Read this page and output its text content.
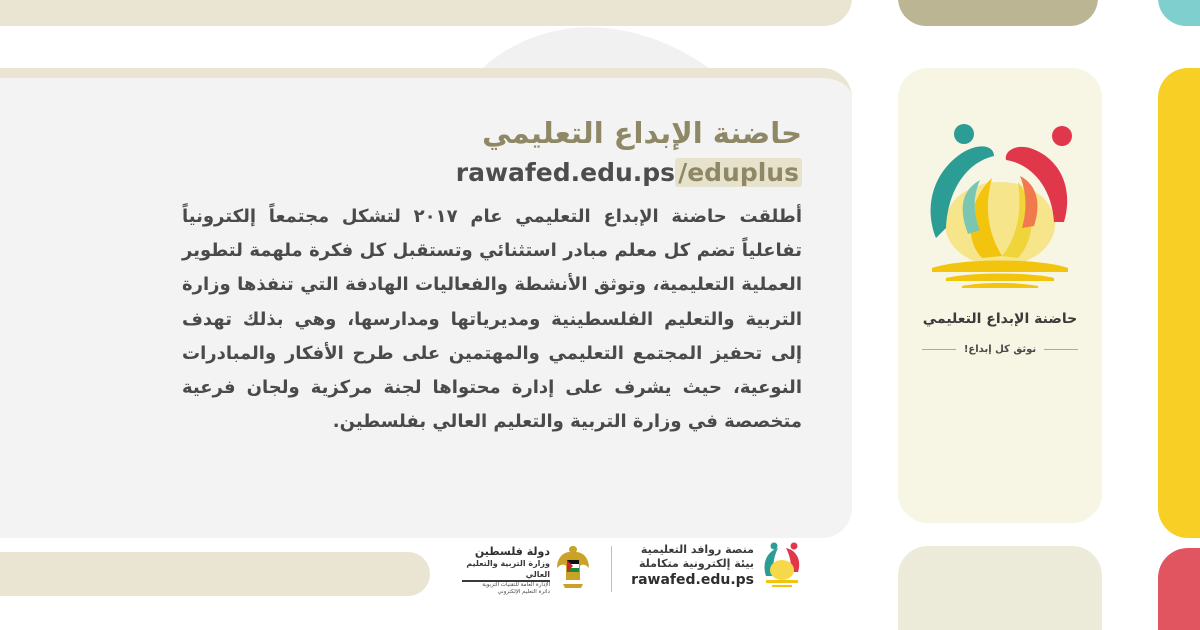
حاضنة الإبداع التعليمي
rawafed.edu.ps /eduplus
أطلقت حاضنة الإبداع التعليمي عام ٢٠١٧ لتشكل مجتمعاً إلكترونياً تفاعلياً تضم كل معلم مبادر استثنائي وتستقبل كل فكرة ملهمة لتطوير العملية التعليمية، وتوثق الأنشطة والفعاليات الهادفة التي تنفذها وزارة التربية والتعليم الفلسطينية ومديرياتها ومدارسها، وهي بذلك تهدف إلى تحفيز المجتمع التعليمي والمهتمين على طرح الأفكار والمبادرات النوعية، حيث يشرف على إدارة محتواها لجنة مركزية ولجان فرعية متخصصة في وزارة التربية والتعليم العالي بفلسطين.
حاضنة الإبداع التعليمي
نوثق كل إبداع!
منصة روافد التعليمية
بيئة إلكترونية متكاملة
rawafed.edu.ps
دولة فلسطين
وزارة التربية والتعليم العالي
الإدارة العامة للتقنيات التربوية
دائرة التعليم الإلكتروني
